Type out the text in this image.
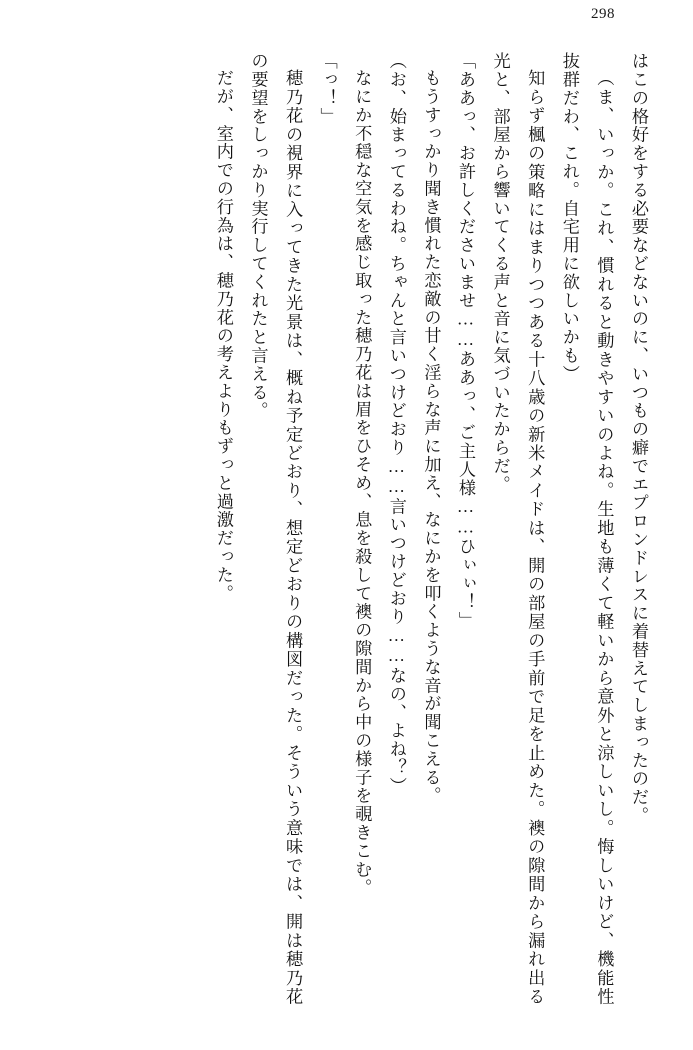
298

はこの格好をする必要などないのに、いつもの癖でエプロンドレスに着替えてしまったのだ。

（ま、いっか。これ、慣れると動きやすいのよね。生地も薄くて軽いから意外と涼しいし。悔しいけど、機能性抜群だわ、これ。自宅用に欲しいかも）

知らず楓の策略にはまりつつある十八歳の新米メイドは、開の部屋の手前で足を止めた。襖の隙間から漏れ出る光と、部屋から響いてくる声と音に気づいたからだ。

「ああっ、お許しくださいませ……ああっ、ご主人様……ひぃぃ！」

もうすっかり聞き慣れた恋敵の甘く淫らな声に加え、なにかを叩くような音が聞こえる。

（お、始まってるわね。ちゃんと言いつけどおり……言いつけどおり……なの、よね？）

なにか不穏な空気を感じ取った穂乃花は眉をひそめ、息を殺して襖の隙間から中の様子を覗きこむ。

「っ！」

穂乃花の視界に入ってきた光景は、概ね予定どおり、想定どおりの構図だった。そういう意味では、開は穂乃花の要望をしっかり実行してくれたと言える。

だが、室内での行為は、穂乃花の考えよりもずっと過激だった。
